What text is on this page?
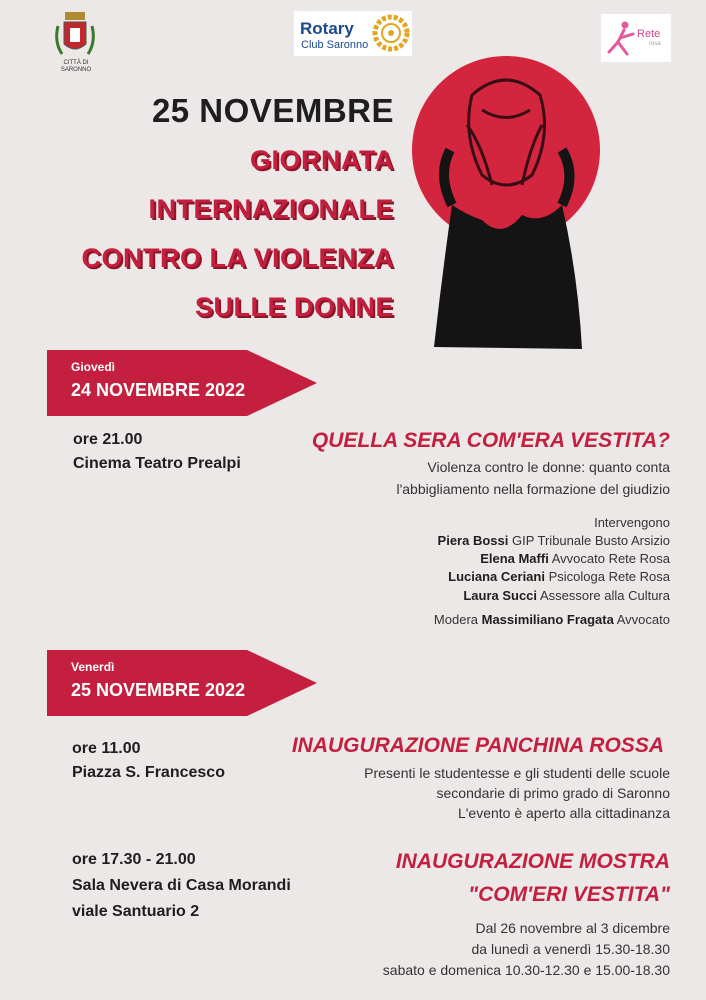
CITTÀ DI SARONNO
Rotary
Club Saronno
Rete
rosa
25 NOVEMBRE
GIORNATA
INTERNAZIONALE
CONTRO LA VIOLENZA
SULLE DONNE
Giovedì
24 NOVEMBRE 2022
ore 21.00
Cinema Teatro Prealpi
QUELLA SERA COM'ERA VESTITA?
Violenza contro le donne: quanto conta
l'abbigliamento nella formazione del giudizio
Intervengono
Piera Bossi GIP Tribunale Busto Arsizio
Elena Maffi Avvocato Rete Rosa
Luciana Ceriani Psicologa Rete Rosa
Laura Succi Assessore alla Cultura
Modera Massimiliano Fragata Avvocato
Venerdì
25 NOVEMBRE 2022
ore 11.00
Piazza S. Francesco
INAUGURAZIONE PANCHINA ROSSA
Presenti le studentesse e gli studenti delle scuole
secondarie di primo grado di Saronno
L'evento è aperto alla cittadinanza
ore 17.30 - 21.00
Sala Nevera di Casa Morandi
viale Santuario 2
INAUGURAZIONE MOSTRA
"COM'ERI VESTITA"
Dal 26 novembre al 3 dicembre
da lunedì a venerdì 15.30-18.30
sabato e domenica 10.30-12.30 e 15.00-18.30
